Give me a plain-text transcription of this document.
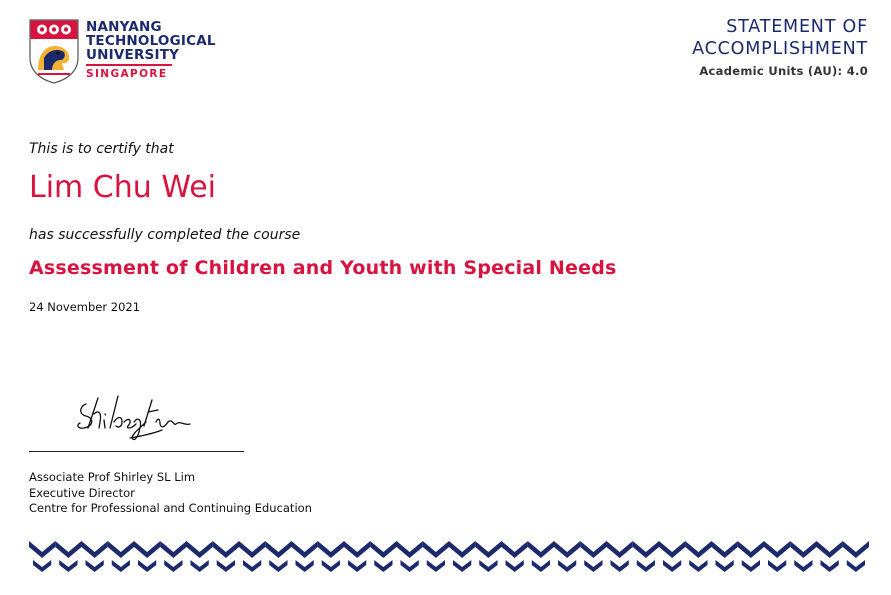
NANYANG
TECHNOLOGICAL
UNIVERSITY
SINGAPORE
STATEMENT OF
ACCOMPLISHMENT
Academic Units (AU): 4.0
This is to certify that
Lim Chu Wei
has successfully completed the course
Assessment of Children and Youth with Special Needs
24 November 2021
Associate Prof Shirley SL Lim
Executive Director
Centre for Professional and Continuing Education
